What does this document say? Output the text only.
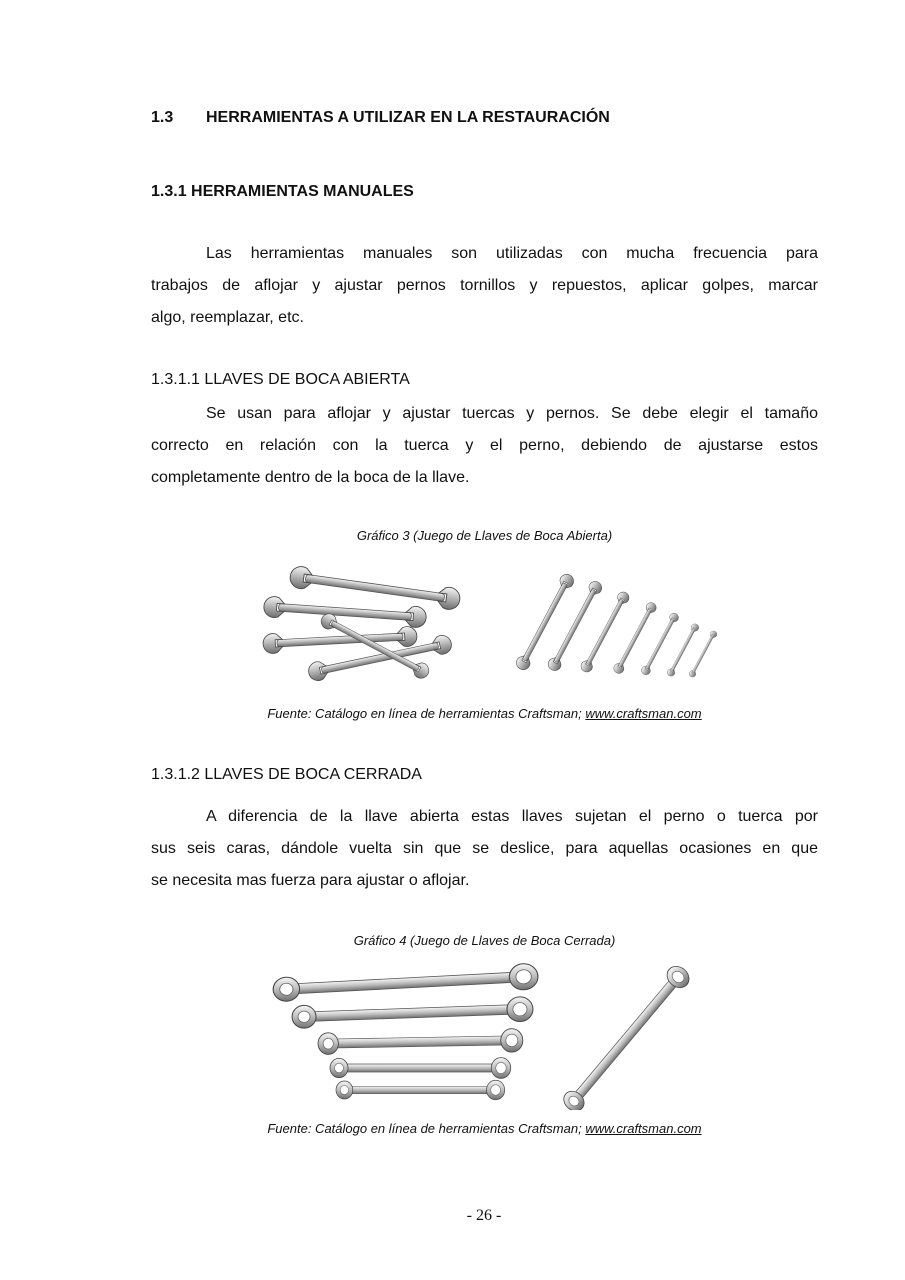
1.3 HERRAMIENTAS A UTILIZAR EN LA RESTAURACIÓN
1.3.1 HERRAMIENTAS MANUALES
Las herramientas manuales son utilizadas con mucha frecuencia para
trabajos de aflojar y ajustar pernos tornillos y repuestos, aplicar golpes, marcar
algo, reemplazar, etc.
1.3.1.1 LLAVES DE BOCA ABIERTA
Se usan para aflojar y ajustar tuercas y pernos. Se debe elegir el tamaño
correcto en relación con la tuerca y el perno, debiendo de ajustarse estos
completamente dentro de la boca de la llave.
Gráfico 3 (Juego de Llaves de Boca Abierta)
Fuente: Catálogo en línea de herramientas Craftsman; www.craftsman.com
1.3.1.2 LLAVES DE BOCA CERRADA
A diferencia de la llave abierta estas llaves sujetan el perno o tuerca por
sus seis caras, dándole vuelta sin que se deslice, para aquellas ocasiones en que
se necesita mas fuerza para ajustar o aflojar.
Gráfico 4 (Juego de Llaves de Boca Cerrada)
Fuente: Catálogo en línea de herramientas Craftsman; www.craftsman.com
- 26 -
